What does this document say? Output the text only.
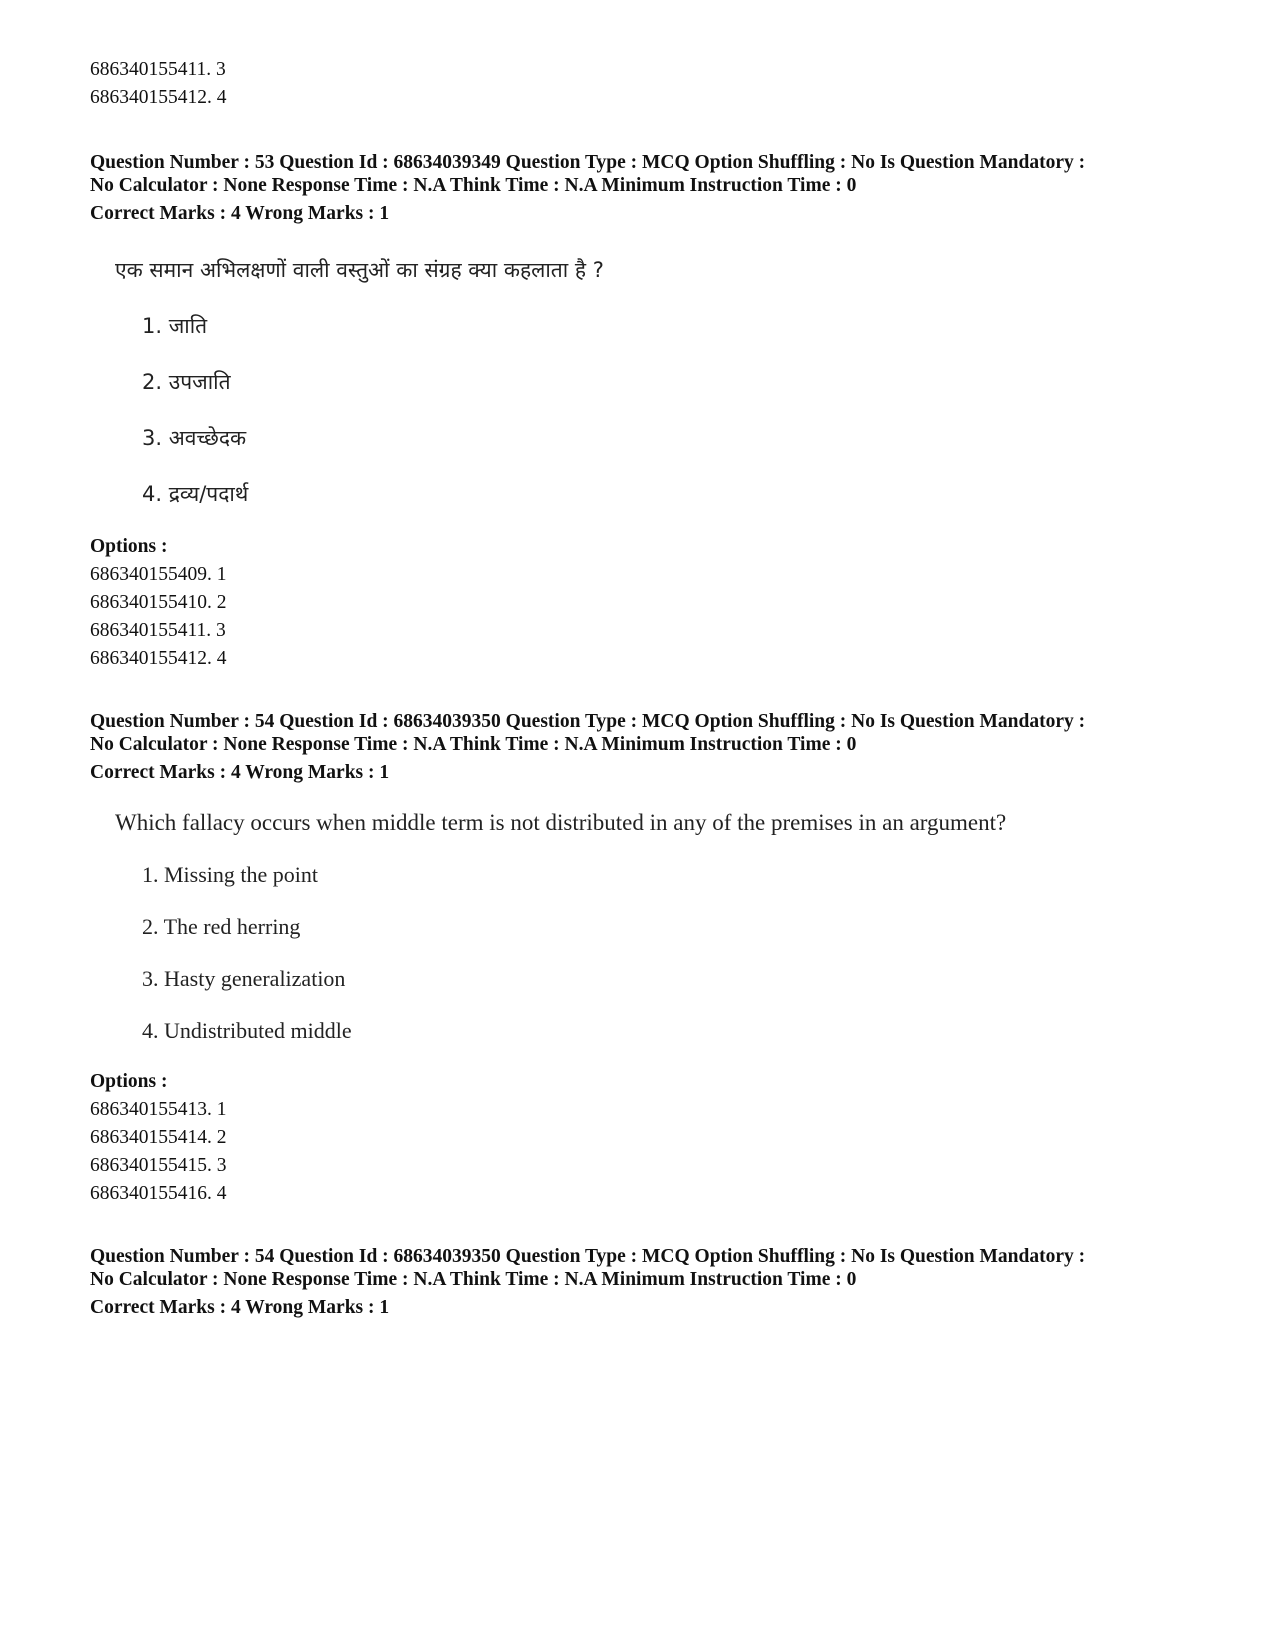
686340155411. 3
686340155412. 4
Question Number : 53 Question Id : 68634039349 Question Type : MCQ Option Shuffling : No Is Question Mandatory :
No Calculator : None Response Time : N.A Think Time : N.A Minimum Instruction Time : 0
Correct Marks : 4 Wrong Marks : 1
एक समान अभिलक्षणों वाली वस्तुओं का संग्रह क्या कहलाता है ?
1. जाति
2. उपजाति
3. अवच्छेदक
4. द्रव्य/पदार्थ
Options :
686340155409. 1
686340155410. 2
686340155411. 3
686340155412. 4
Question Number : 54 Question Id : 68634039350 Question Type : MCQ Option Shuffling : No Is Question Mandatory :
No Calculator : None Response Time : N.A Think Time : N.A Minimum Instruction Time : 0
Correct Marks : 4 Wrong Marks : 1
Which fallacy occurs when middle term is not distributed in any of the premises in an argument?
1. Missing the point
2. The red herring
3. Hasty generalization
4. Undistributed middle
Options :
686340155413. 1
686340155414. 2
686340155415. 3
686340155416. 4
Question Number : 54 Question Id : 68634039350 Question Type : MCQ Option Shuffling : No Is Question Mandatory :
No Calculator : None Response Time : N.A Think Time : N.A Minimum Instruction Time : 0
Correct Marks : 4 Wrong Marks : 1
